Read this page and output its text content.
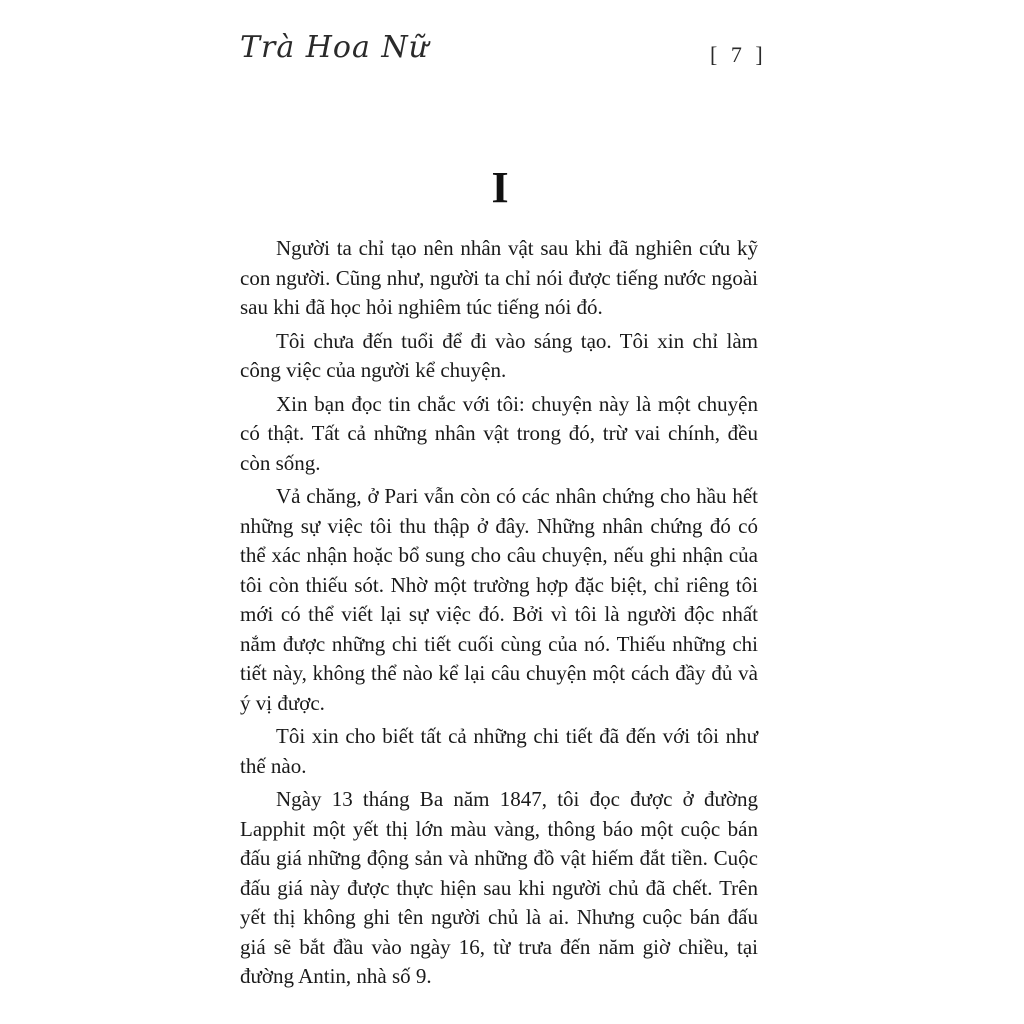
Trà Hoa Nữ	[ 7 ]
I

Người ta chỉ tạo nên nhân vật sau khi đã nghiên cứu kỹ con người. Cũng như, người ta chỉ nói được tiếng nước ngoài sau khi đã học hỏi nghiêm túc tiếng nói đó.

Tôi chưa đến tuổi để đi vào sáng tạo. Tôi xin chỉ làm công việc của người kể chuyện.

Xin bạn đọc tin chắc với tôi: chuyện này là một chuyện có thật. Tất cả những nhân vật trong đó, trừ vai chính, đều còn sống.

Vả chăng, ở Pari vẫn còn có các nhân chứng cho hầu hết những sự việc tôi thu thập ở đây. Những nhân chứng đó có thể xác nhận hoặc bổ sung cho câu chuyện, nếu ghi nhận của tôi còn thiếu sót. Nhờ một trường hợp đặc biệt, chỉ riêng tôi mới có thể viết lại sự việc đó. Bởi vì tôi là người độc nhất nắm được những chi tiết cuối cùng của nó. Thiếu những chi tiết này, không thể nào kể lại câu chuyện một cách đầy đủ và ý vị được.

Tôi xin cho biết tất cả những chi tiết đã đến với tôi như thế nào.

Ngày 13 tháng Ba năm 1847, tôi đọc được ở đường Lapphit một yết thị lớn màu vàng, thông báo một cuộc bán đấu giá những động sản và những đồ vật hiếm đắt tiền. Cuộc đấu giá này được thực hiện sau khi người chủ đã chết. Trên yết thị không ghi tên người chủ là ai. Nhưng cuộc bán đấu giá sẽ bắt đầu vào ngày 16, từ trưa đến năm giờ chiều, tại đường Antin, nhà số 9.
